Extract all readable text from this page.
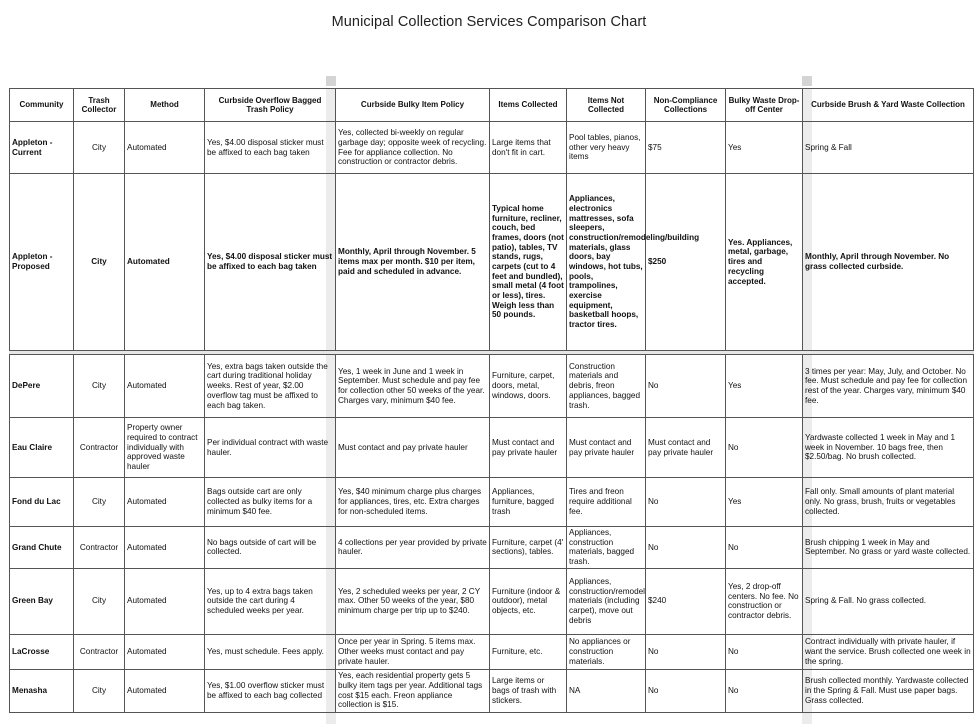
Municipal Collection Services Comparison Chart
Community	Trash Collector	Method	Curbside Overflow Bagged Trash Policy	Curbside Bulky Item Policy	Items Collected	Items Not Collected	Non-Compliance Collections	Bulky Waste Drop-off Center	Curbside Brush & Yard Waste Collection
Appleton - Current	City	Automated	Yes, $4.00 disposal sticker must be affixed to each bag taken	Yes, collected bi-weekly on regular garbage day; opposite week of recycling. Fee for appliance collection. No construction or contractor debris.	Large items that don't fit in cart.	Pool tables, pianos, other very heavy items	$75	Yes	Spring & Fall
Appleton - Proposed	City	Automated	Yes, $4.00 disposal sticker must be affixed to each bag taken	Monthly, April through November. 5 items max per month. $10 per item, paid and scheduled in advance.	Typical home furniture, recliner, couch, bed frames, doors (not patio), tables, TV stands, rugs, carpets (cut to 4 feet and bundled), small metal (4 foot or less), tires. Weigh less than 50 pounds.	Appliances, electronics mattresses, sofa sleepers, construction/remodeling/building materials, glass doors, bay windows, hot tubs, pools, trampolines, exercise equipment, basketball hoops, tractor tires.	$250	Yes. Appliances, metal, garbage, tires and recycling accepted.	Monthly, April through November. No grass collected curbside.

DePere	City	Automated	Yes, extra bags taken outside the cart during traditional holiday weeks. Rest of year, $2.00 overflow tag must be affixed to each bag taken.	Yes, 1 week in June and 1 week in September. Must schedule and pay fee for collection other 50 weeks of the year. Charges vary, minimum $40 fee.	Furniture, carpet, doors, metal, windows, doors.	Construction materials and debris, freon appliances, bagged trash.	No	Yes	3 times per year: May, July, and October. No fee. Must schedule and pay fee for collection rest of the year. Charges vary, minimum $40 fee.
Eau Claire	Contractor	Property owner required to contract individually with approved waste hauler	Per individual contract with waste hauler.	Must contact and pay private hauler	Must contact and pay private hauler	Must contact and pay private hauler	Must contact and pay private hauler	No	Yardwaste collected 1 week in May and 1 week in November. 10 bags free, then $2.50/bag. No brush collected.
Fond du Lac	City	Automated	Bags outside cart are only collected as bulky items for a minimum $40 fee.	Yes, $40 minimum charge plus charges for appliances, tires, etc. Extra charges for non-scheduled items.	Appliances, furniture, bagged trash	Tires and freon require additional fee.	No	Yes	Fall only. Small amounts of plant material only. No grass, brush, fruits or vegetables collected.
Grand Chute	Contractor	Automated	No bags outside of cart will be collected.	4 collections per year provided by private hauler.	Furniture, carpet (4' sections), tables.	Appliances, construction materials, bagged trash.	No	No	Brush chipping 1 week in May and September. No grass or yard waste collected.
Green Bay	City	Automated	Yes, up to 4 extra bags taken outside the cart during 4 scheduled weeks per year.	Yes, 2 scheduled weeks per year, 2 CY max. Other 50 weeks of the year, $80 minimum charge per trip up to $240.	Furniture (indoor & outdoor), metal objects, etc.	Appliances, construction/remodel materials (including carpet), move out debris	$240	Yes, 2 drop-off centers. No fee. No construction or contractor debris.	Spring & Fall. No grass collected.
LaCrosse	Contractor	Automated	Yes, must schedule. Fees apply.	Once per year in Spring. 5 items max. Other weeks must contact and pay private hauler.	Furniture, etc.	No appliances or construction materials.	No	No	Contract individually with private hauler, if want the service. Brush collected one week in the spring.
Menasha	City	Automated	Yes, $1.00 overflow sticker must be affixed to each bag collected	Yes, each residential property gets 5 bulky item tags per year. Additional tags cost $15 each. Freon appliance collection is $15.	Large items or bags of trash with stickers.	NA	No	No	Brush collected monthly. Yardwaste collected in the Spring & Fall. Must use paper bags. Grass collected.
